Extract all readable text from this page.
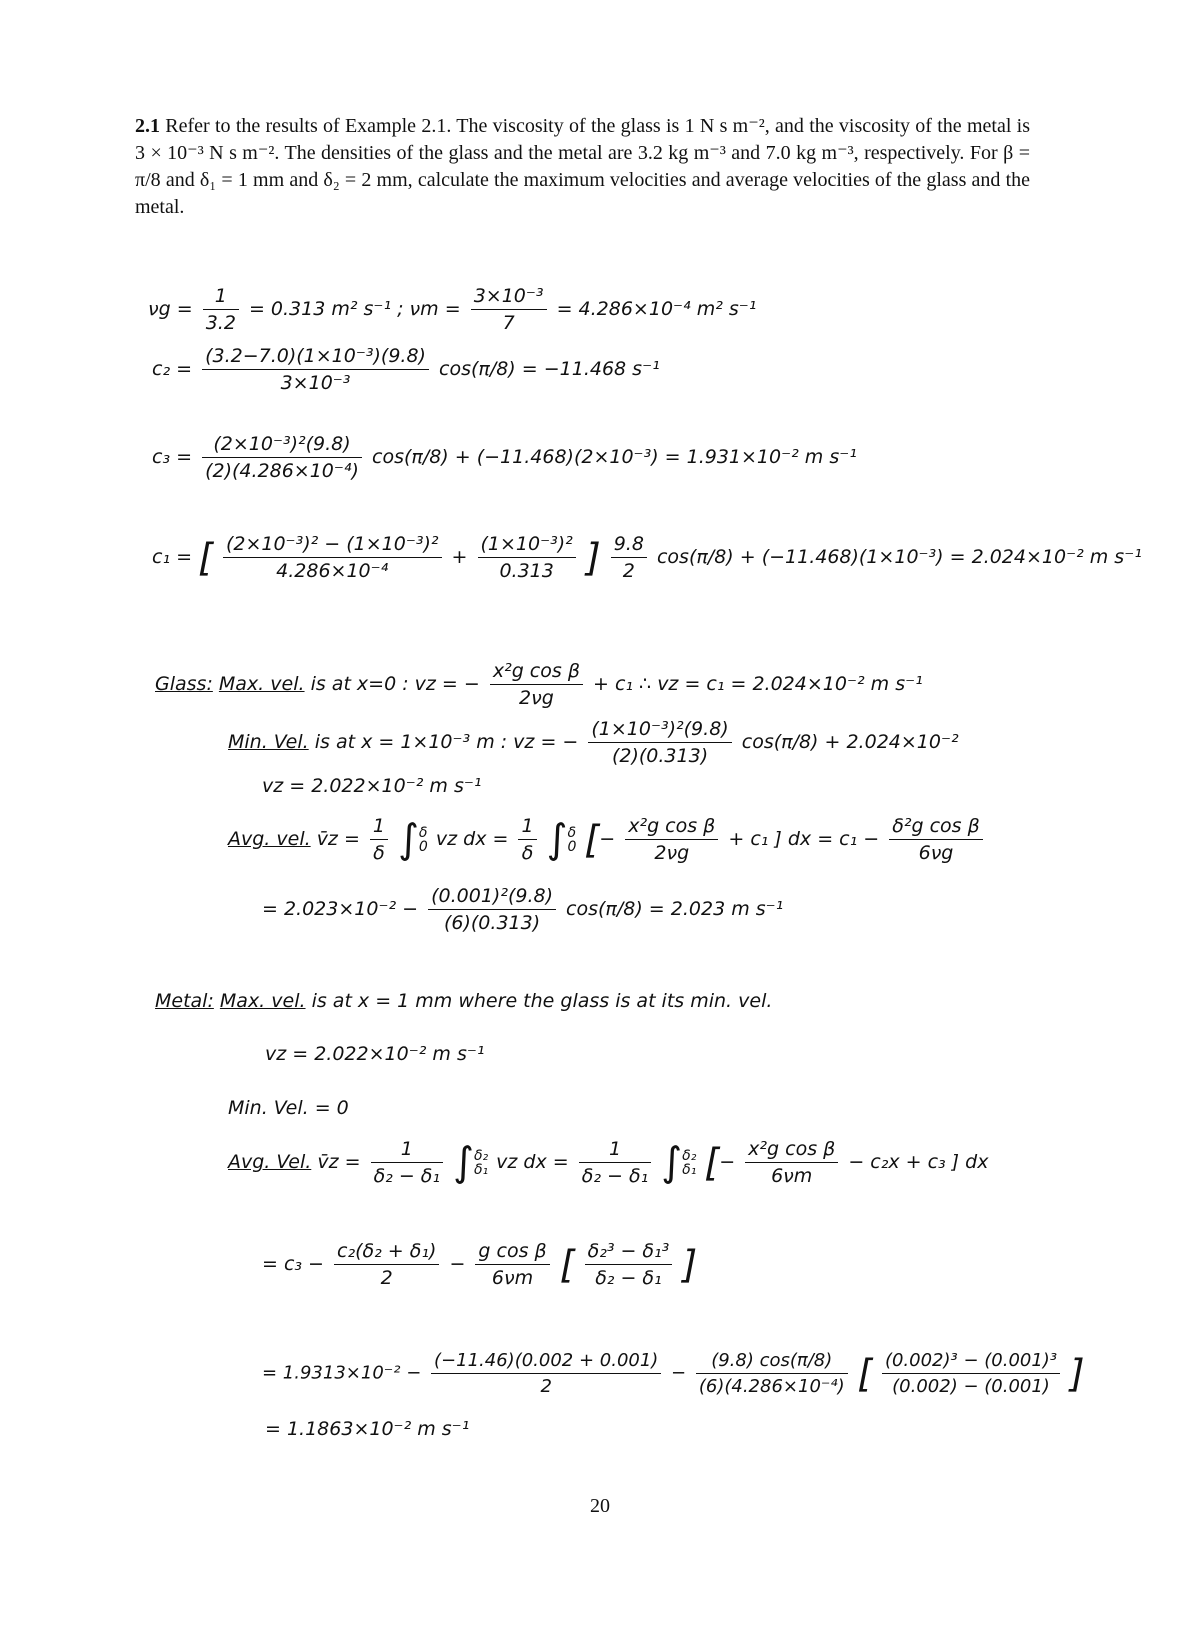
2.1 Refer to the results of Example 2.1. The viscosity of the glass is 1 N s m⁻², and the viscosity of the metal is 3 × 10⁻³ N s m⁻². The densities of the glass and the metal are 3.2 kg m⁻³ and 7.0 kg m⁻³, respectively. For β = π/8 and δ₁ = 1 mm and δ₂ = 2 mm, calculate the maximum velocities and average velocities of the glass and the metal.
$\nu g = \frac{1}{3.2} = 0.313$ m² s⁻¹ ; $\nu m = \frac{\text{3×10⁻³}}{7} = 4.286\times 10^{-4}$ m² s⁻¹
$c_2 = \frac{\text{(3.2−7.0)(1×10⁻³)(9.8)}}{\text{3×10⁻³}} \cos(\pi/8) = -11.468$ s⁻¹
$c_3 = \frac{\text{(2×10⁻³)²(9.8)}}{\text{(2)(4.286×10⁻⁴)}} \cos(\pi/8) + (-11.468)(2\times 10^{-3}) = 1.931\times 10^{-2}$ m s⁻¹
c₁ = [ $\frac{\text{(2×10⁻³)² − (1×10⁻³)²}}{\text{4.286×10⁻⁴}} + \frac{\text{(1×10⁻³)²}}{0.313}$ ] $\frac{9.8}{2} \cos(\pi/8) + (-11.468)(1\times 10^{-3}) = 2.024\times 10^{-2}$ m s⁻¹
Glass: Max. vel. is at x=0 : vz = − $\frac{\text{x²g cos β}}{2\nu g} + c_1$ ∴ vz = c₁ = 2.024×10⁻² m s⁻¹
Min. Vel. is at x = 1×10⁻³ m : vz = − $\frac{\text{(1×10⁻³)²(9.8)}}{(2)(0.313)} \cos(\pi/8) + 2.024\times 10^{-2}$
vz = 2.022×10⁻² m s⁻¹
Avg. vel. v̄z = $\frac{1}{\delta}$ ∫ δ
0 vz dx = $\frac{1}{\delta}$ ∫ δ
0 [− $\frac{\text{x²g cos β}}{2\nu g} + c_1$ ] dx = $c_1 - \frac{\text{δ²g cos β}}{6\nu g}$
= $2.023\times 10^{-2} - \frac{\text{(0.001)²(9.8)}}{(6)(0.313)} \cos(\pi/8) = 2.023$ m s⁻¹
Metal: Max. vel. is at x = 1 mm where the glass is at its min. vel.
vz = 2.022×10⁻² m s⁻¹
Min. Vel. = 0
Avg. Vel. v̄z = $\frac{1}{\text{δ₂ − δ₁}}$ ∫ δ₂
δ₁ vz dx = $\frac{1}{\text{δ₂ − δ₁}}$ ∫ δ₂
δ₁ [− $\frac{\text{x²g cos β}}{6\nu m} - c_2x + c_3$ ] dx
= $c_3 - \frac{\text{c₂(δ₂ + δ₁)}}{2} - \frac{\text{g cos β}}{6\nu m}$ [ $\frac{\text{δ₂³ − δ₁³}}{\text{δ₂ − δ₁}}$ ]
= $1.9313\times 10^{-2} - \frac{(-11.46)(0.002 + 0.001)}{2} - \frac{(9.8) \cos(\pi/8)}{\text{(6)(4.286×10⁻⁴)}}$ [ $\frac{\text{(0.002)³ − (0.001)³}}{(0.002) - (0.001)}$ ]
= 1.1863×10⁻² m s⁻¹
20
